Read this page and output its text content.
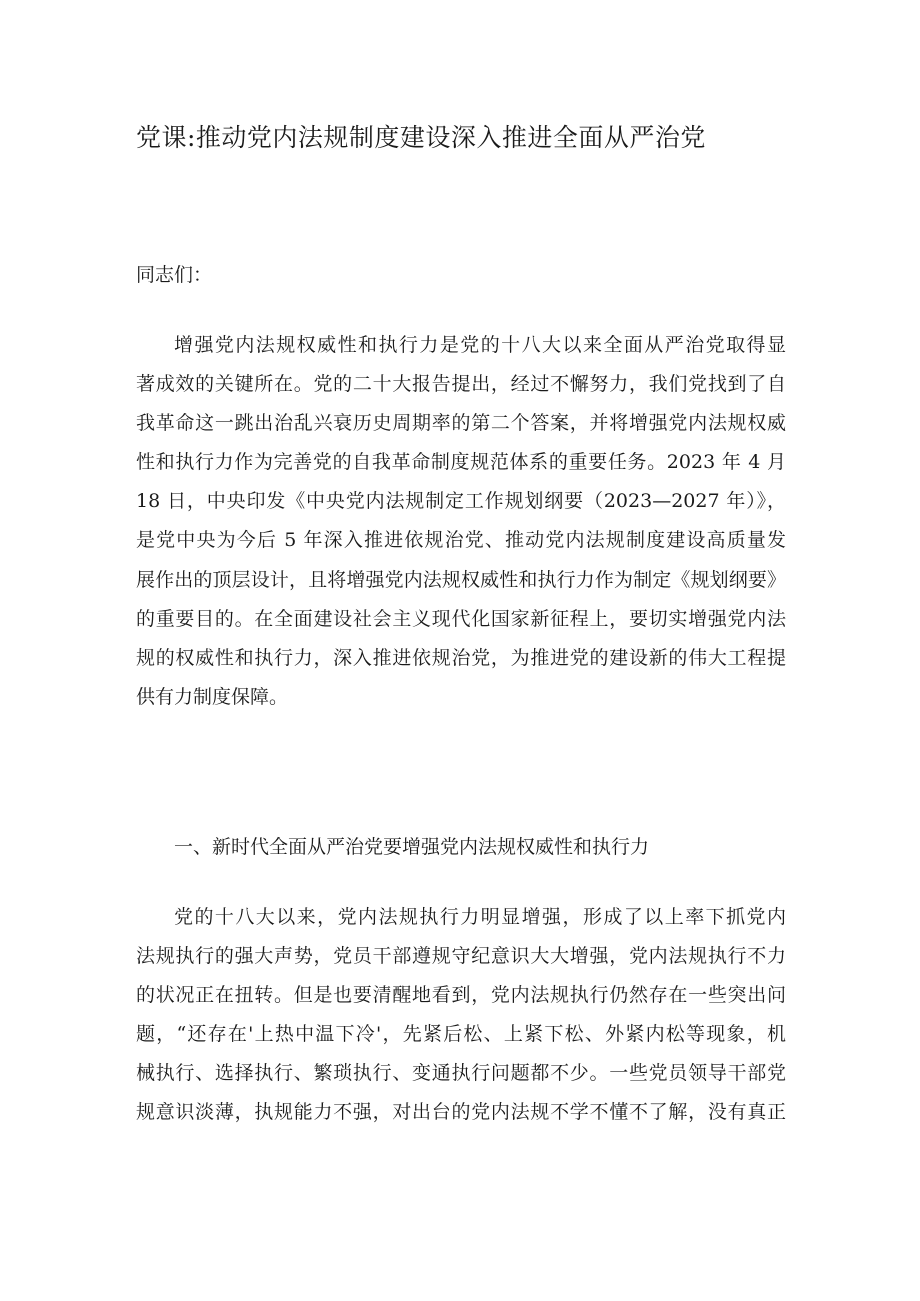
党课:推动党内法规制度建设深入推进全面从严治党

同志们：

增强党内法规权威性和执行力是党的十八大以来全面从严治党取得显
著成效的关键所在。党的二十大报告提出，经过不懈努力，我们党找到了自
我革命这一跳出治乱兴衰历史周期率的第二个答案，并将增强党内法规权威
性和执行力作为完善党的自我革命制度规范体系的重要任务。2023 年 4 月
18 日，中央印发《中央党内法规制定工作规划纲要（2023—2027 年）》，
是党中央为今后 5 年深入推进依规治党、推动党内法规制度建设高质量发
展作出的顶层设计，且将增强党内法规权威性和执行力作为制定《规划纲要》
的重要目的。在全面建设社会主义现代化国家新征程上，要切实增强党内法
规的权威性和执行力，深入推进依规治党，为推进党的建设新的伟大工程提
供有力制度保障。

一、新时代全面从严治党要增强党内法规权威性和执行力

党的十八大以来，党内法规执行力明显增强，形成了以上率下抓党内
法规执行的强大声势，党员干部遵规守纪意识大大增强，党内法规执行不力
的状况正在扭转。但是也要清醒地看到，党内法规执行仍然存在一些突出问
题，“还存在'上热中温下冷'，先紧后松、上紧下松、外紧内松等现象，机
械执行、选择执行、繁琐执行、变通执行问题都不少。一些党员领导干部党
规意识淡薄，执规能力不强，对出台的党内法规不学不懂不了解，没有真正
